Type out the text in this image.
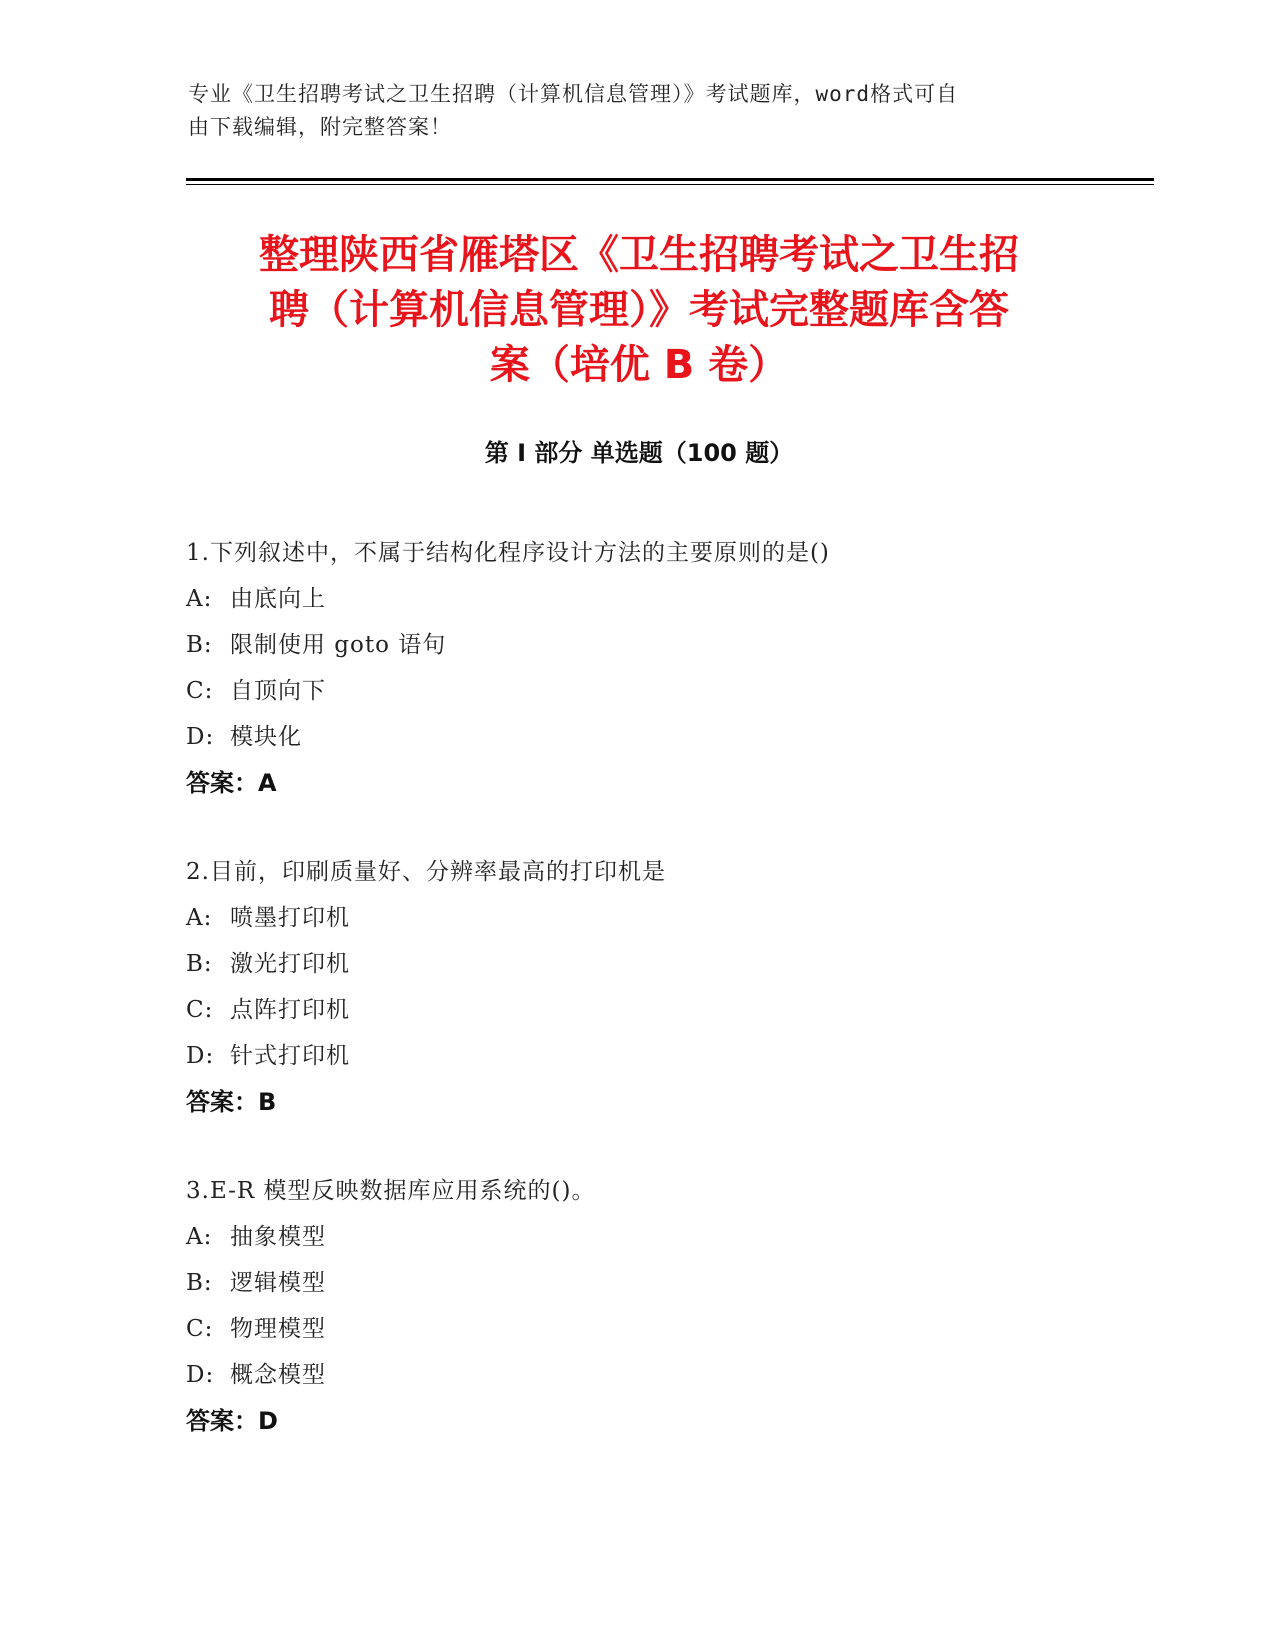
专业《卫生招聘考试之卫生招聘（计算机信息管理）》考试题库，word格式可自
由下载编辑，附完整答案！
整理陕西省雁塔区《卫生招聘考试之卫生招
聘（计算机信息管理）》考试完整题库含答
案（培优 B 卷）
第 I 部分 单选题（100 题）
1.下列叙述中，不属于结构化程序设计方法的主要原则的是()
A: 由底向上
B: 限制使用 goto 语句
C: 自顶向下
D: 模块化
答案：A
2.目前，印刷质量好、分辨率最高的打印机是
A: 喷墨打印机
B: 激光打印机
C: 点阵打印机
D: 针式打印机
答案：B
3.E-R 模型反映数据库应用系统的()。
A: 抽象模型
B: 逻辑模型
C: 物理模型
D: 概念模型
答案：D
